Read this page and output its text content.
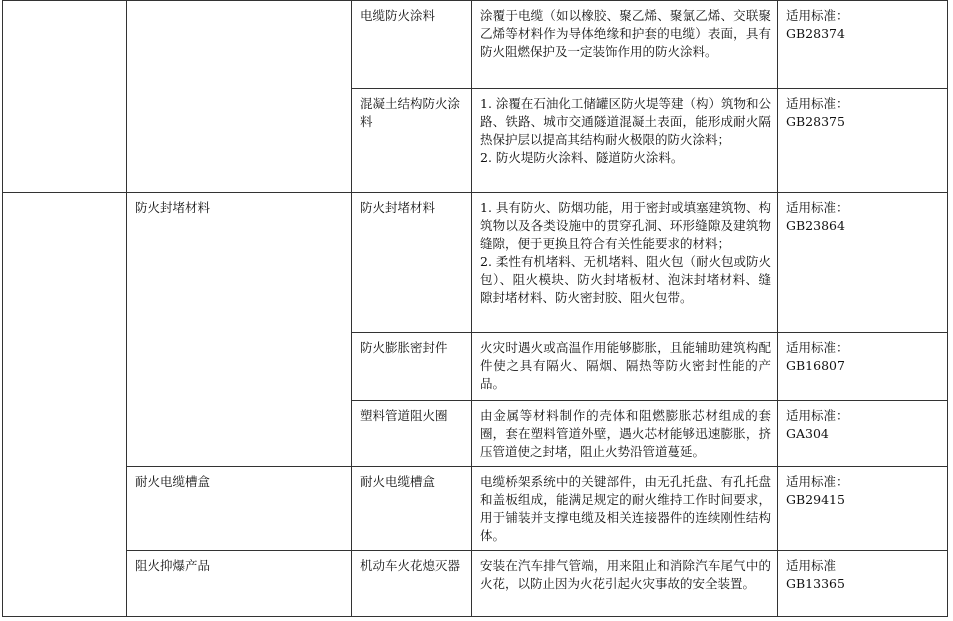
		电缆防火涂料	涂覆于电缆（如以橡胶、聚乙烯、聚氯乙烯、交联聚乙烯等材料作为导体绝缘和护套的电缆）表面，具有防火阻燃保护及一定装饰作用的防火涂料。	适用标准：
GB28374

		混凝土结构防火涂料	1. 涂覆在石油化工储罐区防火堤等建（构）筑物和公路、铁路、城市交通隧道混凝土表面，能形成耐火隔热保护层以提高其结构耐火极限的防火涂料；
2. 防火堤防火涂料、隧道防火涂料。	适用标准：
GB28375

	防火封堵材料	防火封堵材料	1. 具有防火、防烟功能，用于密封或填塞建筑物、构筑物以及各类设施中的贯穿孔洞、环形缝隙及建筑物缝隙，便于更换且符合有关性能要求的材料；
2. 柔性有机堵料、无机堵料、阻火包（耐火包或防火包）、阻火模块、防火封堵板材、泡沫封堵材料、缝隙封堵材料、防火密封胶、阻火包带。	适用标准：
GB23864

		防火膨胀密封件	火灾时遇火或高温作用能够膨胀，且能辅助建筑构配件使之具有隔火、隔烟、隔热等防火密封性能的产品。	适用标准：
GB16807

		塑料管道阻火圈	由金属等材料制作的壳体和阻燃膨胀芯材组成的套圈，套在塑料管道外壁，遇火芯材能够迅速膨胀，挤压管道使之封堵，阻止火势沿管道蔓延。	适用标准：
GA304

	耐火电缆槽盒	耐火电缆槽盒	电缆桥架系统中的关键部件，由无孔托盘、有孔托盘和盖板组成，能满足规定的耐火维持工作时间要求，用于铺装并支撑电缆及相关连接器件的连续刚性结构体。	适用标准：
GB29415

	阻火抑爆产品	机动车火花熄灭器	安装在汽车排气管端，用来阻止和消除汽车尾气中的火花，以防止因为火花引起火灾事故的安全装置。	适用标准
GB13365
